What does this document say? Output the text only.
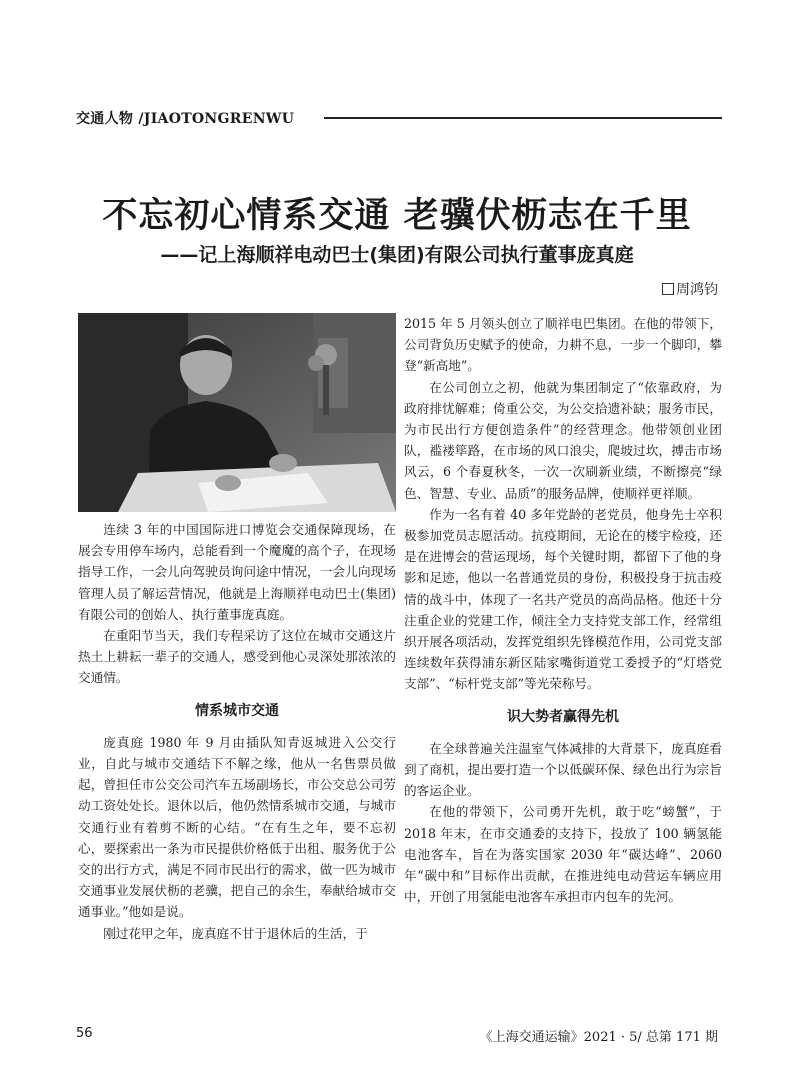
交通人物 /JIAOTONGRENWU
不忘初心情系交通 老骥伏枥志在千里
——记上海顺祥电动巴士(集团)有限公司执行董事庞真庭
周鸿钧

连续 3 年的中国国际进口博览会交通保障现场，在展会专用停车场内，总能看到一个魔魔的高个子，在现场指导工作，一会儿向驾驶员询问途中情况，一会儿向现场管理人员了解运营情况，他就是上海顺祥电动巴士(集团)有限公司的创始人、执行董事庞真庭。

在重阳节当天，我们专程采访了这位在城市交通这片热土上耕耘一辈子的交通人，感受到他心灵深处那浓浓的交通情。

情系城市交通

庞真庭 1980 年 9 月由插队知青返城进入公交行业，自此与城市交通结下不解之缘，他从一名售票员做起，曾担任市公交公司汽车五场副场长，市公交总公司劳动工资处处长。退休以后，他仍然情系城市交通，与城市交通行业有着剪不断的心结。“在有生之年，要不忘初心，要探索出一条为市民提供价格低于出租、服务优于公交的出行方式，满足不同市民出行的需求，做一匹为城市交通事业发展伏枥的老骥，把自己的余生，奉献给城市交通事业。”他如是说。

刚过花甲之年，庞真庭不甘于退休后的生活，于

2015 年 5 月领头创立了顺祥电巴集团。在他的带领下，公司背负历史赋予的使命，力耕不息，一步一个脚印，攀登“新高地”。

在公司创立之初，他就为集团制定了“依靠政府，为政府排忧解难；倚重公交，为公交拾遗补缺；服务市民，为市民出行方便创造条件”的经营理念。他带领创业团队，褴褛筚路，在市场的风口浪尖，爬坡过坎，搏击市场风云，6 个春夏秋冬，一次一次刷新业绩，不断擦亮“绿色、智慧、专业、品质”的服务品牌，使顺祥更祥顺。

作为一名有着 40 多年党龄的老党员，他身先士卒积极参加党员志愿活动。抗疫期间，无论在的楼宇检疫，还是在进博会的营运现场，每个关键时期，都留下了他的身影和足迹，他以一名普通党员的身份，积极投身于抗击疫情的战斗中，体现了一名共产党员的高尚品格。他还十分注重企业的党建工作，倾注全力支持党支部工作，经常组织开展各项活动，发挥党组织先锋模范作用，公司党支部连续数年获得浦东新区陆家嘴街道党工委授予的“灯塔党支部”、“标杆党支部”等光荣称号。

识大势者赢得先机

在全球普遍关注温室气体减排的大背景下，庞真庭看到了商机，提出要打造一个以低碳环保、绿色出行为宗旨的客运企业。

在他的带领下，公司勇开先机，敢于吃“螃蟹”，于 2018 年末，在市交通委的支持下，投放了 100 辆氢能电池客车，旨在为落实国家 2030 年“碳达峰”、2060 年“碳中和”目标作出贡献，在推进纯电动营运车辆应用中，开创了用氢能电池客车承担市内包车的先河。

56	《上海交通运输》2021 · 5/ 总第 171 期
